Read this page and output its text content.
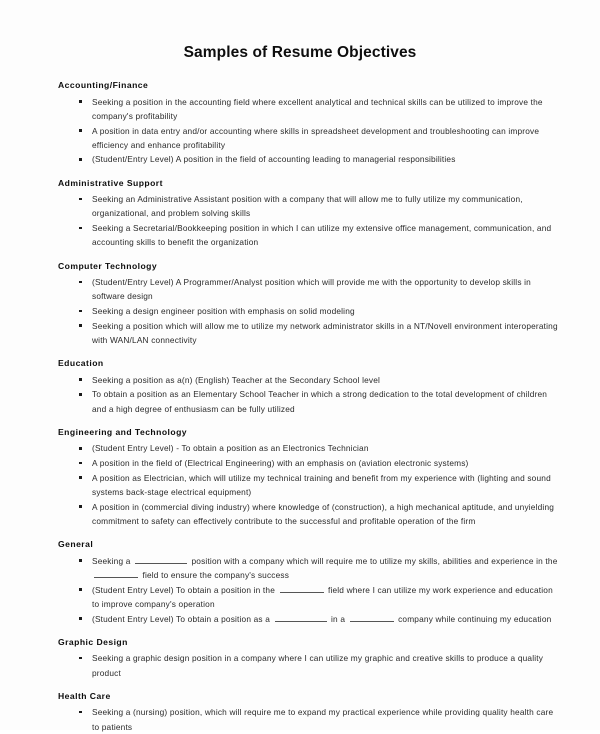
Samples of Resume Objectives
Accounting/Finance
Seeking a position in the accounting field where excellent analytical and technical skills can be utilized to improve the company's profitability
A position in data entry and/or accounting where skills in spreadsheet development and troubleshooting can improve efficiency and enhance profitability
(Student/Entry Level) A position in the field of accounting leading to managerial responsibilities
Administrative Support
Seeking an Administrative Assistant position with a company that will allow me to fully utilize my communication, organizational, and problem solving skills
Seeking a Secretarial/Bookkeeping position in which I can utilize my extensive office management, communication, and accounting skills to benefit the organization
Computer Technology
(Student/Entry Level) A Programmer/Analyst position which will provide me with the opportunity to develop skills in software design
Seeking a design engineer position with emphasis on solid modeling
Seeking a position which will allow me to utilize my network administrator skills in a NT/Novell environment interoperating with WAN/LAN connectivity
Education
Seeking a position as a(n) (English) Teacher at the Secondary School level
To obtain a position as an Elementary School Teacher in which a strong dedication to the total development of children and a high degree of enthusiasm can be fully utilized
Engineering and Technology
(Student Entry Level) - To obtain a position as an Electronics Technician
A position in the field of (Electrical Engineering) with an emphasis on (aviation electronic systems)
A position as Electrician, which will utilize my technical training and benefit from my experience with (lighting and sound systems back-stage electrical equipment)
A position in (commercial diving industry) where knowledge of (construction), a high mechanical aptitude, and unyielding commitment to safety can effectively contribute to the successful and profitable operation of the firm
General
Seeking a	position with a company which will require me to utilize my skills, abilities and experience in the  field to ensure the company's success
(Student Entry Level) To obtain a position in the	field where I can utilize my work experience and education to improve company's operation
(Student Entry Level) To obtain a position as a	in a	company while continuing my education
Graphic Design
Seeking a graphic design position in a company where I can utilize my graphic and creative skills to produce a quality product
Health Care
Seeking a (nursing) position, which will require me to expand my practical experience while providing quality health care to patients
